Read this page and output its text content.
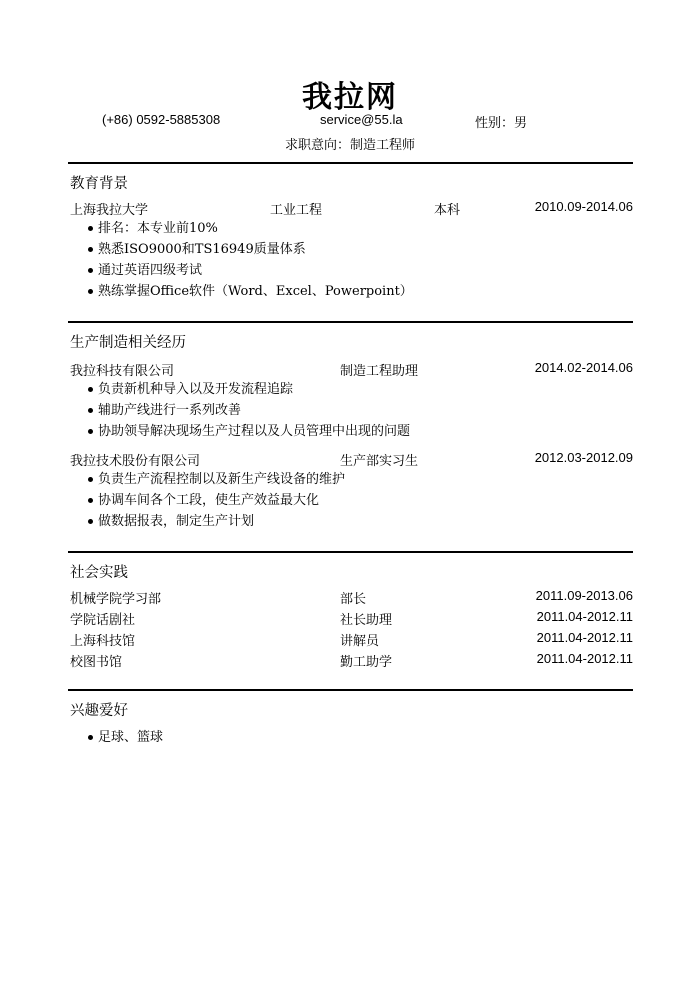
我拉网
(+86) 0592-5885308	service@55.la	性别：男
求职意向：制造工程师
教育背景
上海我拉大学	工业工程	本科	2010.09-2014.06
排名：本专业前10%
熟悉ISO9000和TS16949质量体系
通过英语四级考试
熟练掌握Office软件（Word、Excel、Powerpoint）
生产制造相关经历
我拉科技有限公司	制造工程助理	2014.02-2014.06
负责新机种导入以及开发流程追踪
辅助产线进行一系列改善
协助领导解决现场生产过程以及人员管理中出现的问题
我拉技术股份有限公司	生产部实习生	2012.03-2012.09
负责生产流程控制以及新生产线设备的维护
协调车间各个工段，使生产效益最大化
做数据报表，制定生产计划
社会实践
机械学院学习部	部长	2011.09-2013.06
学院话剧社	社长助理	2011.04-2012.11
上海科技馆	讲解员	2011.04-2012.11
校图书馆	勤工助学	2011.04-2012.11
兴趣爱好
足球、篮球
